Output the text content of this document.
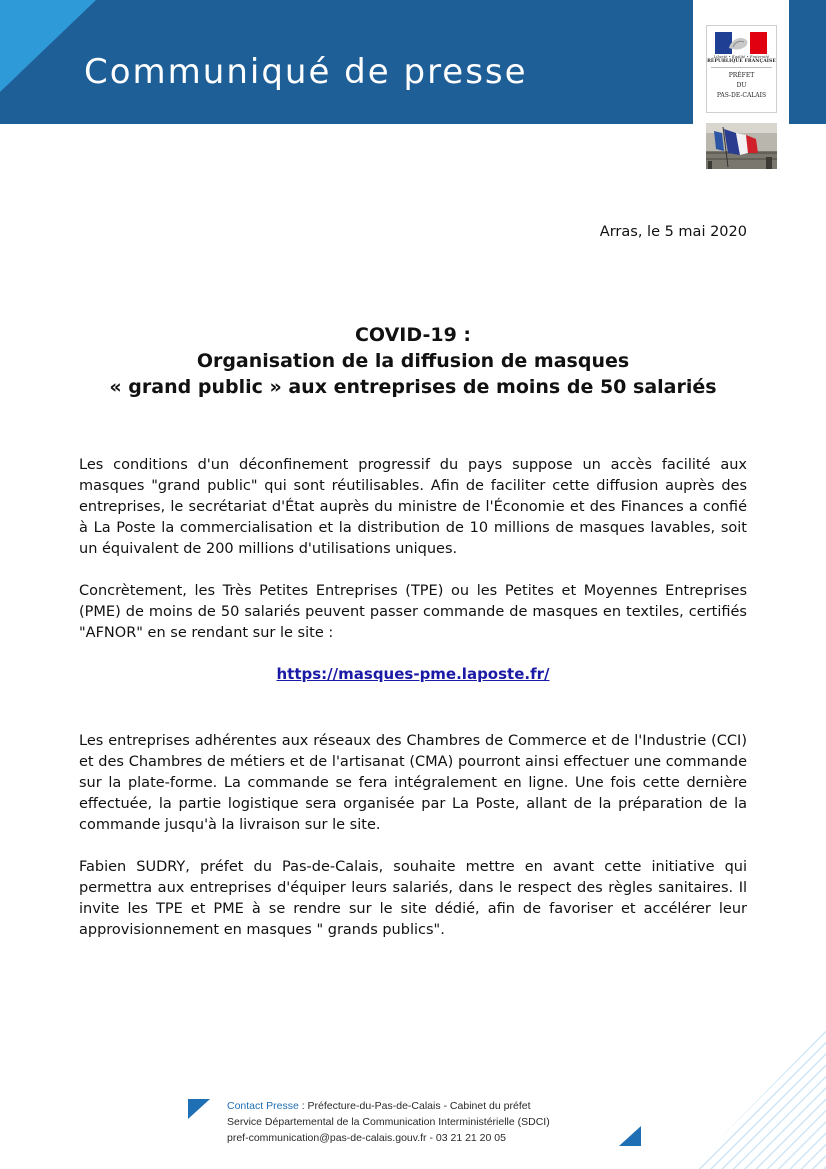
Communiqué de presse	Liberté • Égalité • Fraternité
RÉPUBLIQUE FRANÇAISE
PRÉFET
DU
PAS-DE-CALAIS
Arras, le 5 mai 2020
COVID-19 :
Organisation de la diffusion de masques
« grand public » aux entreprises de moins de 50 salariés
Les conditions d'un déconfinement progressif du pays suppose un accès facilité aux masques "grand public" qui sont réutilisables. Afin de faciliter cette diffusion auprès des entreprises, le secrétariat d'État auprès du ministre de l'Économie et des Finances a confié à La Poste la commercialisation et la distribution de 10 millions de masques lavables, soit un équivalent de 200 millions d'utilisations uniques.
Concrètement, les Très Petites Entreprises (TPE) ou les Petites et Moyennes Entreprises (PME) de moins de 50 salariés peuvent passer commande de masques en textiles, certifiés "AFNOR" en se rendant sur le site :
https://masques-pme.laposte.fr/
Les entreprises adhérentes aux réseaux des Chambres de Commerce et de l'Industrie (CCI) et des Chambres de métiers et de l'artisanat (CMA) pourront ainsi effectuer une commande sur la plate-forme. La commande se fera intégralement en ligne. Une fois cette dernière effectuée, la partie logistique sera organisée par La Poste, allant de la préparation de la commande jusqu'à la livraison sur le site.
Fabien SUDRY, préfet du Pas-de-Calais, souhaite mettre en avant cette initiative qui permettra aux entreprises d'équiper leurs salariés, dans le respect des règles sanitaires. Il invite les TPE et PME à se rendre sur le site dédié, afin de favoriser et accélérer leur approvisionnement en masques " grands publics".
Contact Presse : Préfecture-du-Pas-de-Calais - Cabinet du préfet
Service Départemental de la Communication Interministérielle (SDCI)
pref-communication@pas-de-calais.gouv.fr - 03 21 21 20 05
